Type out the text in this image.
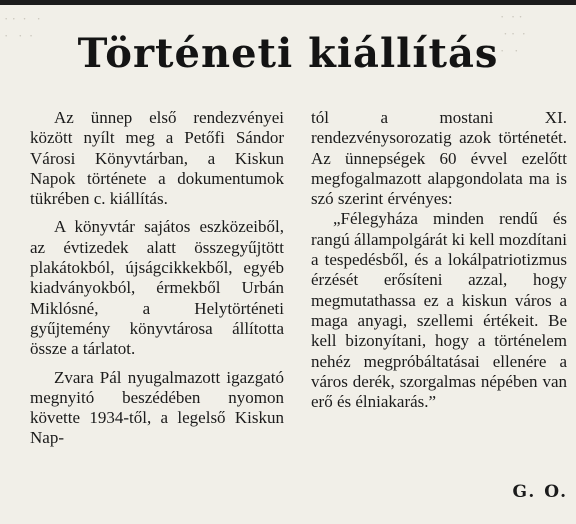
· ·  ·   ·
·   ·  ·
·  · ·
· ·  ·
·   ·
Történeti kiállítás

Az ünnep első rendezvényei között nyílt meg a Petőfi Sándor Városi Könyvtárban, a Kiskun Napok története a dokumentumok tükrében c. kiállítás.

A könyvtár sajátos eszközeiből, az évtizedek alatt összegyűjtött plakátokból, újságcikkekből, egyéb kiadványokból, érmekből Urbán Miklósné, a Helytörténeti gyűjtemény könyvtárosa állította össze a tárlatot.

Zvara Pál nyugalmazott igazgató megnyitó beszédében nyomon követte 1934-től, a legelső Kiskun Nap-

tól a mostani XI. rendezvénysorozatig azok történetét. Az ünnepségek 60 évvel ezelőtt megfogalmazott alapgondolata ma is szó szerint érvényes:

„Félegyháza minden rendű és rangú állampolgárát ki kell mozdítani a tespedésből, és a lokálpatriotizmus érzését erősíteni azzal, hogy megmutathassa ez a kiskun város a maga anyagi, szellemi értékeit. Be kell bizonyítani, hogy a történelem nehéz megpróbáltatásai ellenére a város derék, szorgalmas népében van erő és élniakarás.”

G. O.
